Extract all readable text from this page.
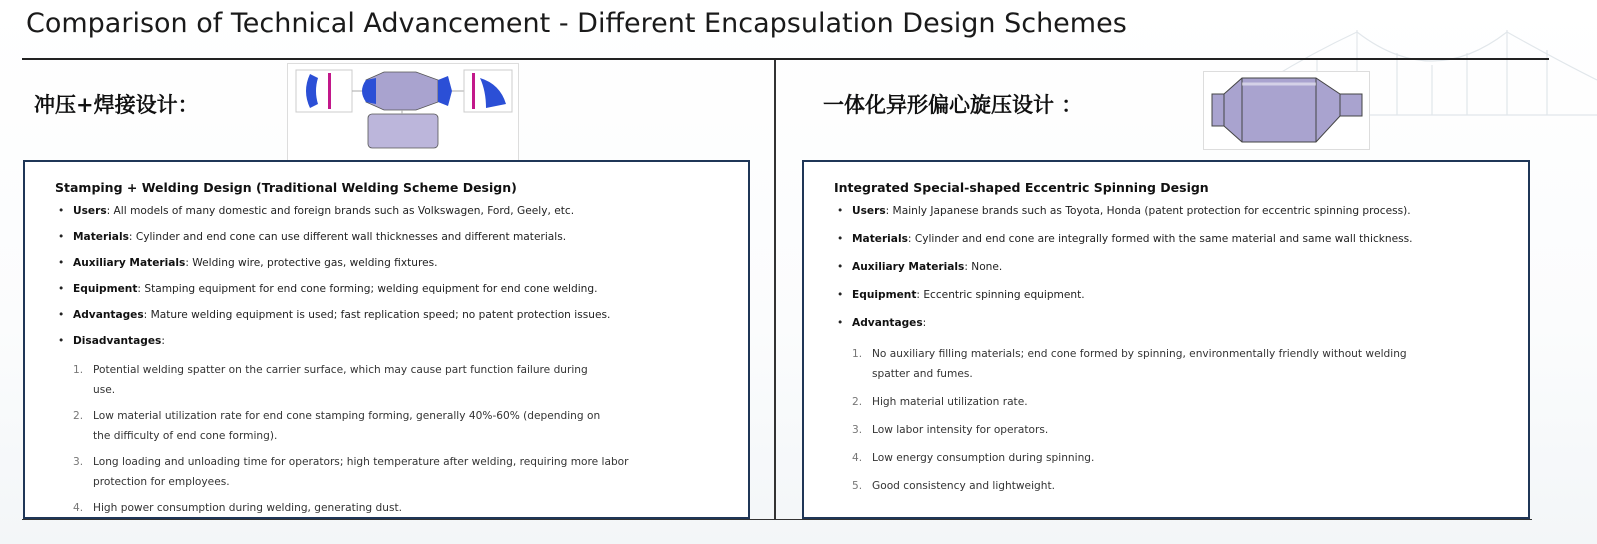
Comparison of Technical Advancement - Different Encapsulation Design Schemes
冲压+焊接设计：	一体化异形偏心旋压设计 ：
Stamping + Welding Design (Traditional Welding Scheme Design)
• Users: All models of many domestic and foreign brands such as Volkswagen, Ford, Geely, etc.
• Materials: Cylinder and end cone can use different wall thicknesses and different materials.
• Auxiliary Materials: Welding wire, protective gas, welding fixtures.
• Equipment: Stamping equipment for end cone forming; welding equipment for end cone welding.
• Advantages: Mature welding equipment is used; fast replication speed; no patent protection issues.
• Disadvantages:
1. Potential welding spatter on the carrier surface, which may cause part function failure during use.
2. Low material utilization rate for end cone stamping forming, generally 40%-60% (depending on the difficulty of end cone forming).
3. Long loading and unloading time for operators; high temperature after welding, requiring more labor protection for employees.
4. High power consumption during welding, generating dust.
Integrated Special-shaped Eccentric Spinning Design
• Users: Mainly Japanese brands such as Toyota, Honda (patent protection for eccentric spinning process).
• Materials: Cylinder and end cone are integrally formed with the same material and same wall thickness.
• Auxiliary Materials: None.
• Equipment: Eccentric spinning equipment.
• Advantages:
1. No auxiliary filling materials; end cone formed by spinning, environmentally friendly without welding spatter and fumes.
2. High material utilization rate.
3. Low labor intensity for operators.
4. Low energy consumption during spinning.
5. Good consistency and lightweight.
